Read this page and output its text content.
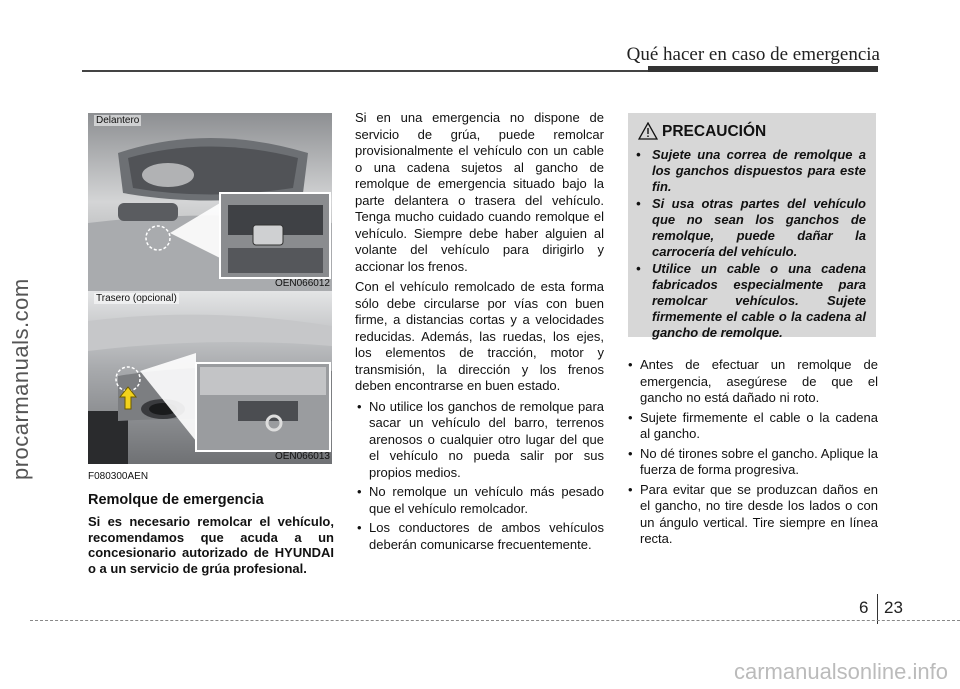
Qué hacer en caso de emergencia
procarmanuals.com
Delantero
OEN066012
Trasero (opcional)
OEN066013
F080300AEN
Remolque de emergencia
Si es necesario remolcar el vehículo, recomendamos que acuda a un concesionario autorizado de HYUNDAI o a un servicio de grúa profesional.

Si en una emergencia no dispone de servicio de grúa, puede remolcar provisionalmente el vehículo con un cable o una cadena sujetos al gancho de remolque de emergencia situado bajo la parte delantera o trasera del vehículo. Tenga mucho cuidado cuando remolque el vehículo. Siempre debe haber alguien al volante del vehículo para dirigirlo y accionar los frenos.

Con el vehículo remolcado de esta forma sólo debe circularse por vías con buen firme, a distancias cortas y a velocidades reducidas. Además, las ruedas, los ejes, los elementos de tracción, motor y transmisión, la dirección y los frenos deben encontrarse en buen estado.

• No utilice los ganchos de remolque para sacar un vehículo del barro, terrenos arenosos o cualquier otro lugar del que el vehículo no pueda salir por sus propios medios.
• No remolque un vehículo más pesado que el vehículo remolcador.
• Los conductores de ambos vehículos deberán comunicarse frecuentemente.
PRECAUCIÓN
• Sujete una correa de remolque a los ganchos dispuestos para este fin.
• Si usa otras partes del vehículo que no sean los ganchos de remolque, puede dañar la carrocería del vehículo.
• Utilice un cable o una cadena fabricados especialmente para remolcar vehículos. Sujete firmemente el cable o la cadena al gancho de remolque.
• Antes de efectuar un remolque de emergencia, asegúrese de que el gancho no está dañado ni roto.
• Sujete firmemente el cable o la cadena al gancho.
• No dé tirones sobre el gancho. Aplique la fuerza de forma progresiva.
• Para evitar que se produzcan daños en el gancho, no tire desde los lados o con un ángulo vertical. Tire siempre en línea recta.
6 23
carmanualsonline.info
